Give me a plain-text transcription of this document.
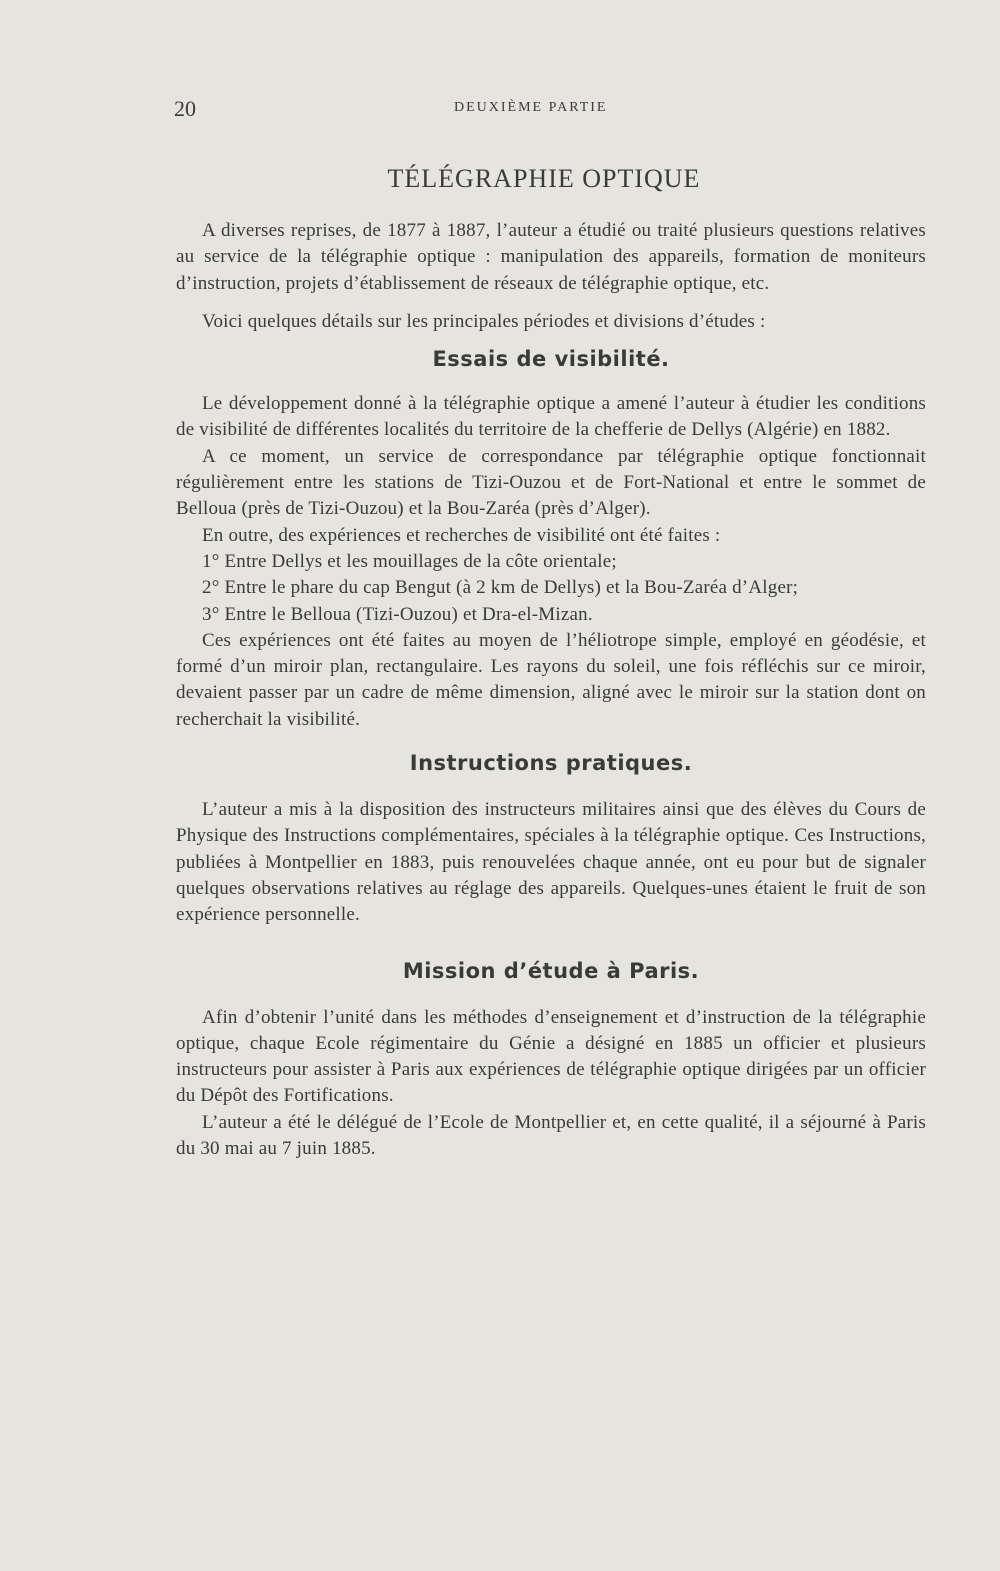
20	DEUXIÈME PARTIE
TÉLÉGRAPHIE OPTIQUE

A diverses reprises, de 1877 à 1887, l’auteur a étudié ou traité plusieurs questions relatives au service de la télégraphie optique : manipulation des appareils, formation de moniteurs d’instruction, projets d’établissement de réseaux de télégraphie optique, etc.

Voici quelques détails sur les principales périodes et divisions d’études :

Essais de visibilité.

Le développement donné à la télégraphie optique a amené l’auteur à étudier les conditions de visibilité de différentes localités du territoire de la chefferie de Dellys (Algérie) en 1882.

A ce moment, un service de correspondance par télégraphie optique fonctionnait régulièrement entre les stations de Tizi-Ouzou et de Fort-National et entre le sommet de Belloua (près de Tizi-Ouzou) et la Bou-Zaréa (près d’Alger).

En outre, des expériences et recherches de visibilité ont été faites :

1° Entre Dellys et les mouillages de la côte orientale;

2° Entre le phare du cap Bengut (à 2 km de Dellys) et la Bou-Zaréa d’Alger;

3° Entre le Belloua (Tizi-Ouzou) et Dra-el-Mizan.

Ces expériences ont été faites au moyen de l’héliotrope simple, employé en géodésie, et formé d’un miroir plan, rectangulaire. Les rayons du soleil, une fois réfléchis sur ce miroir, devaient passer par un cadre de même dimension, aligné avec le miroir sur la station dont on recherchait la visibilité.

Instructions pratiques.

L’auteur a mis à la disposition des instructeurs militaires ainsi que des élèves du Cours de Physique des Instructions complémentaires, spéciales à la télégraphie optique. Ces Instructions, publiées à Montpellier en 1883, puis renouvelées chaque année, ont eu pour but de signaler quelques observations relatives au réglage des appareils. Quelques-unes étaient le fruit de son expérience personnelle.

Mission d’étude à Paris.

Afin d’obtenir l’unité dans les méthodes d’enseignement et d’instruction de la télégraphie optique, chaque Ecole régimentaire du Génie a désigné en 1885 un officier et plusieurs instructeurs pour assister à Paris aux expériences de télégraphie optique dirigées par un officier du Dépôt des Fortifications.

L’auteur a été le délégué de l’Ecole de Montpellier et, en cette qualité, il a séjourné à Paris du 30 mai au 7 juin 1885.
